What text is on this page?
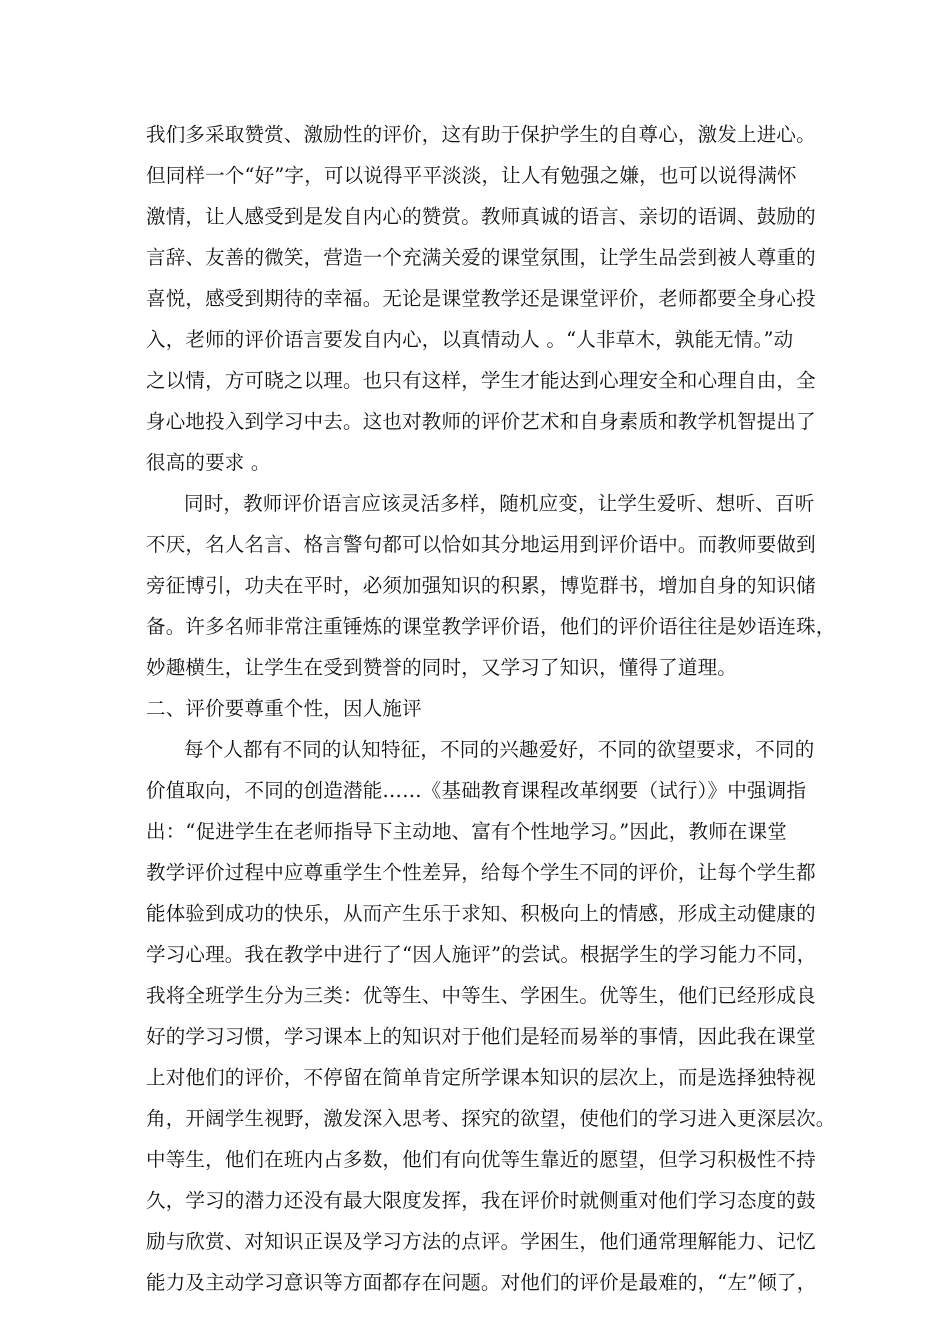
我们多采取赞赏、激励性的评价，这有助于保护学生的自尊心，激发上进心。
但同样一个“好”字，可以说得平平淡淡，让人有勉强之嫌，也可以说得满怀
激情，让人感受到是发自内心的赞赏。教师真诚的语言、亲切的语调、鼓励的
言辞、友善的微笑，营造一个充满关爱的课堂氛围，让学生品尝到被人尊重的
喜悦，感受到期待的幸福。无论是课堂教学还是课堂评价，老师都要全身心投
入，老师的评价语言要发自内心，以真情动人 。“人非草木，孰能无情。”动
之以情，方可晓之以理。也只有这样，学生才能达到心理安全和心理自由，全
身心地投入到学习中去。这也对教师的评价艺术和自身素质和教学机智提出了
很高的要求 。
同时，教师评价语言应该灵活多样，随机应变，让学生爱听、想听、百听
不厌，名人名言、格言警句都可以恰如其分地运用到评价语中。而教师要做到
旁征博引，功夫在平时，必须加强知识的积累，博览群书，增加自身的知识储
备。许多名师非常注重锤炼的课堂教学评价语，他们的评价语往往是妙语连珠，
妙趣横生，让学生在受到赞誉的同时，又学习了知识，懂得了道理。
二、评价要尊重个性，因人施评
每个人都有不同的认知特征，不同的兴趣爱好，不同的欲望要求，不同的
价值取向，不同的创造潜能……《基础教育课程改革纲要（试行）》中强调指
出：“促进学生在老师指导下主动地、富有个性地学习。”因此，教师在课堂
教学评价过程中应尊重学生个性差异，给每个学生不同的评价，让每个学生都
能体验到成功的快乐，从而产生乐于求知、积极向上的情感，形成主动健康的
学习心理。我在教学中进行了“因人施评”的尝试。根据学生的学习能力不同，
我将全班学生分为三类：优等生、中等生、学困生。优等生，他们已经形成良
好的学习习惯，学习课本上的知识对于他们是轻而易举的事情，因此我在课堂
上对他们的评价，不停留在简单肯定所学课本知识的层次上，而是选择独特视
角，开阔学生视野，激发深入思考、探究的欲望，使他们的学习进入更深层次。
中等生，他们在班内占多数，他们有向优等生靠近的愿望，但学习积极性不持
久，学习的潜力还没有最大限度发挥，我在评价时就侧重对他们学习态度的鼓
励与欣赏、对知识正误及学习方法的点评。学困生，他们通常理解能力、记忆
能力及主动学习意识等方面都存在问题。对他们的评价是最难的，“左”倾了，
